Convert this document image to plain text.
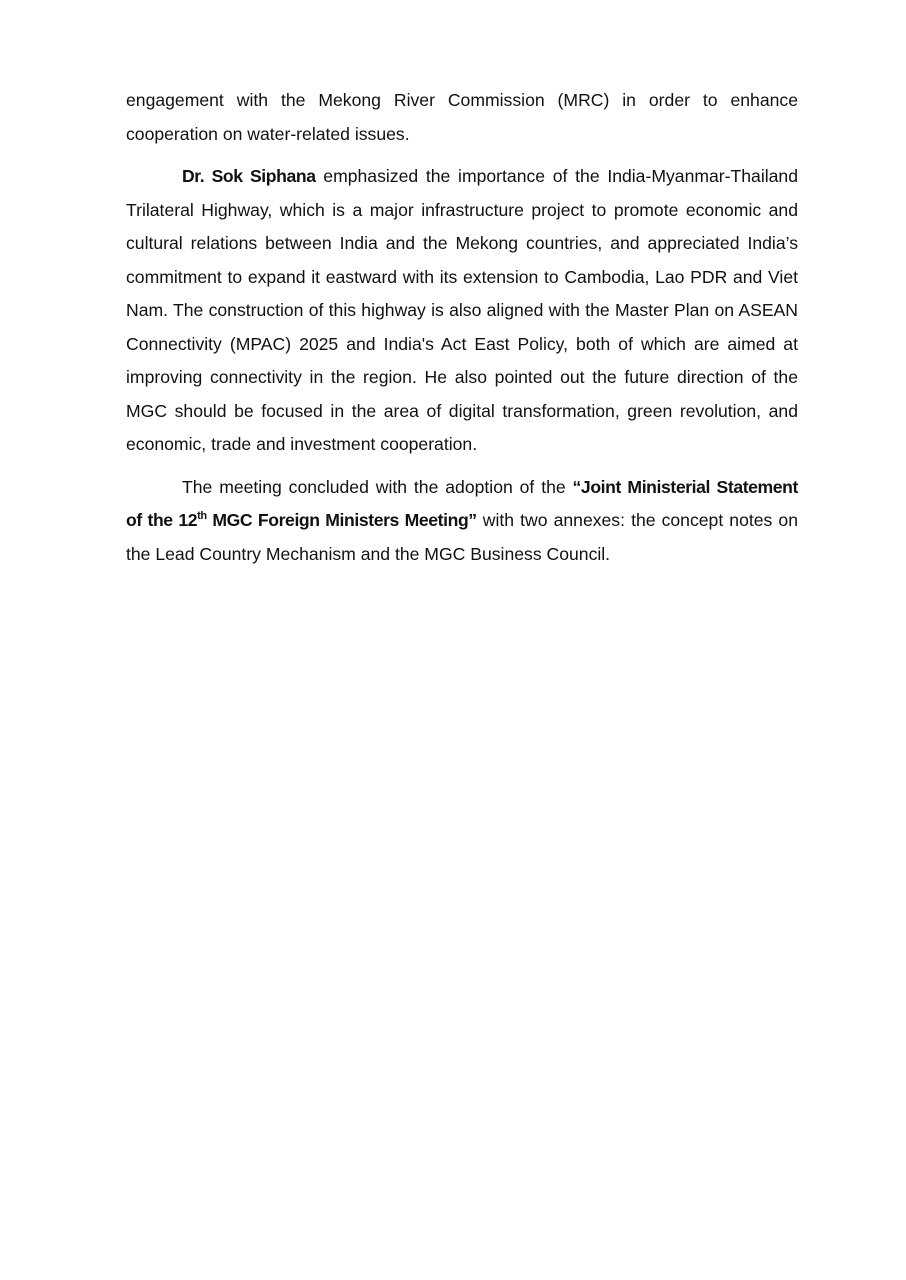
engagement with the Mekong River Commission (MRC) in order to enhance cooperation on water-related issues.

Dr. Sok Siphana emphasized the importance of the India-Myanmar-Thailand Trilateral Highway, which is a major infrastructure project to promote economic and cultural relations between India and the Mekong countries, and appreciated India’s commitment to expand it eastward with its extension to Cambodia, Lao PDR and Viet Nam. The construction of this highway is also aligned with the Master Plan on ASEAN Connectivity (MPAC) 2025 and India's Act East Policy, both of which are aimed at improving connectivity in the region. He also pointed out the future direction of the MGC should be focused in the area of digital transformation, green revolution, and economic, trade and investment cooperation.

The meeting concluded with the adoption of the “Joint Ministerial Statement of the 12th MGC Foreign Ministers Meeting” with two annexes: the concept notes on the Lead Country Mechanism and the MGC Business Council.
